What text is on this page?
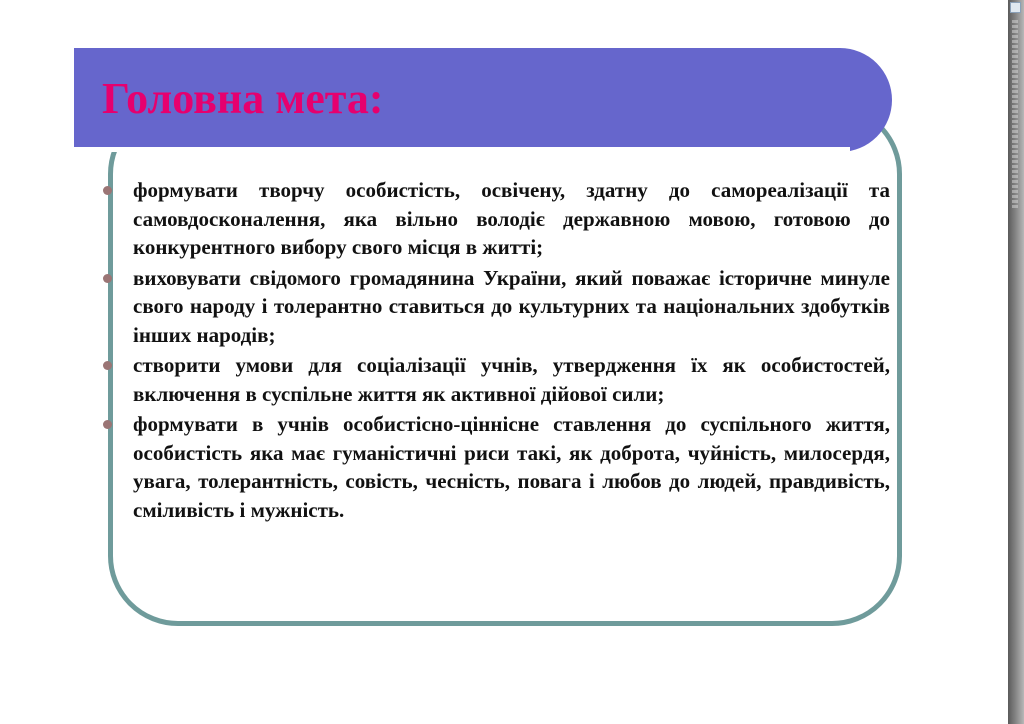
Головна мета:
формувати творчу особистість, освічену, здатну до самореалізації та самовдосконалення, яка вільно володіє державною мовою, готовою до конкурентного вибору свого місця в житті;
виховувати свідомого громадянина України, який поважає історичне минуле свого народу і толерантно ставиться до культурних та національних здобутків інших народів;
створити умови для соціалізації учнів, утвердження їх як особистостей, включення в суспільне життя як активної дійової сили;
формувати в учнів особистісно-ціннісне ставлення до суспільного життя, особистість яка має гуманістичні риси такі, як доброта, чуйність, милосердя, увага, толерантність, совість, чесність, повага і любов до людей, правдивість, сміливість і мужність.
